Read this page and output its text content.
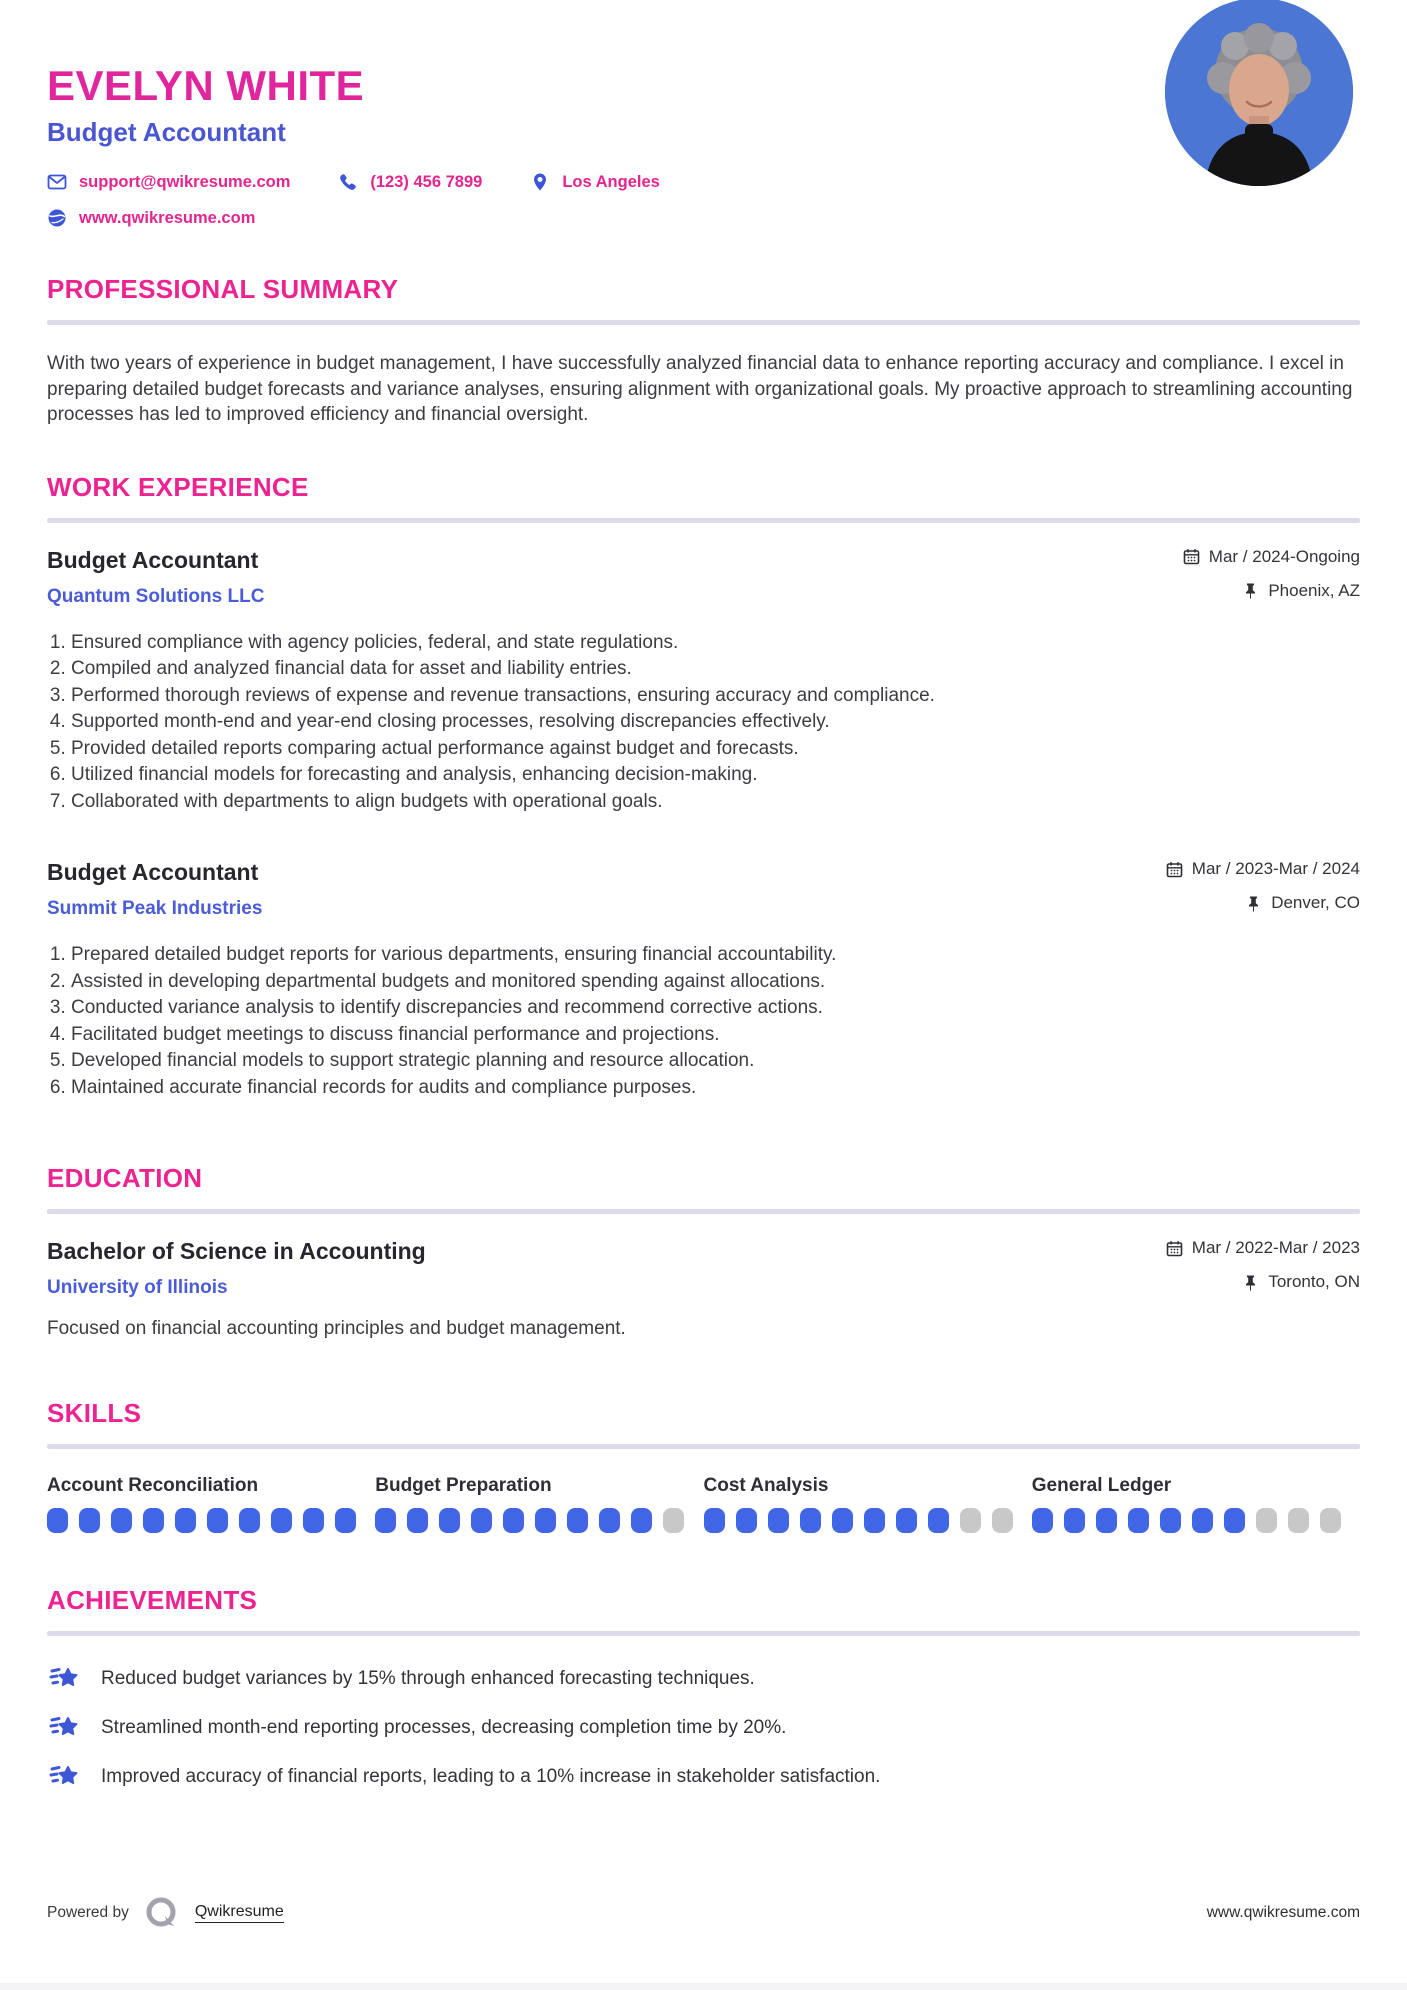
EVELYN WHITE
Budget Accountant
support@qwikresume.com	(123) 456 7899	Los Angeles
www.qwikresume.com
PROFESSIONAL SUMMARY

With two years of experience in budget management, I have successfully analyzed financial data to enhance reporting accuracy and compliance. I excel in preparing detailed budget forecasts and variance analyses, ensuring alignment with organizational goals. My proactive approach to streamlining accounting processes has led to improved efficiency and financial oversight.

WORK EXPERIENCE
Budget Accountant
Quantum Solutions LLC
Mar / 2024-Ongoing
Phoenix, AZ
1. Ensured compliance with agency policies, federal, and state regulations.
2. Compiled and analyzed financial data for asset and liability entries.
3. Performed thorough reviews of expense and revenue transactions, ensuring accuracy and compliance.
4. Supported month-end and year-end closing processes, resolving discrepancies effectively.
5. Provided detailed reports comparing actual performance against budget and forecasts.
6. Utilized financial models for forecasting and analysis, enhancing decision-making.
7. Collaborated with departments to align budgets with operational goals.
Budget Accountant
Summit Peak Industries
Mar / 2023-Mar / 2024
Denver, CO
1. Prepared detailed budget reports for various departments, ensuring financial accountability.
2. Assisted in developing departmental budgets and monitored spending against allocations.
3. Conducted variance analysis to identify discrepancies and recommend corrective actions.
4. Facilitated budget meetings to discuss financial performance and projections.
5. Developed financial models to support strategic planning and resource allocation.
6. Maintained accurate financial records for audits and compliance purposes.
EDUCATION
Bachelor of Science in Accounting
University of Illinois
Mar / 2022-Mar / 2023
Toronto, ON

Focused on financial accounting principles and budget management.

SKILLS
Account Reconciliation	Budget Preparation	Cost Analysis	General Ledger
ACHIEVEMENTS
Reduced budget variances by 15% through enhanced forecasting techniques.
Streamlined month-end reporting processes, decreasing completion time by 20%.
Improved accuracy of financial reports, leading to a 10% increase in stakeholder satisfaction.
Powered by	Qwikresume	www.qwikresume.com
